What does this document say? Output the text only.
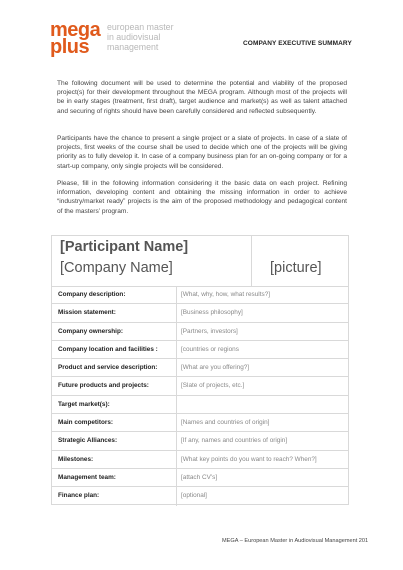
mega
plus
european master
in audiovisual
management	COMPANY EXECUTIVE SUMMARY

The following document will be used to determine the potential and viability of the proposed project(s) for their development throughout the MEGA program. Although most of the projects will be in early stages (treatment, first draft), target audience and market(s) as well as talent attached and securing of rights should have been carefully considered and reflected subsequently.

Participants have the chance to present a single project or a slate of projects. In case of a slate of projects, first weeks of the course shall be used to decide which one of the projects will be giving priority as to fully develop it. In case of a company business plan for an on-going company or for a start-up company, only single projects will be considered.

Please, fill in the following information considering it the basic data on each project. Refining information, developing content and obtaining the missing information in order to achieve “industry/market ready” projects is the aim of the proposed methodology and pedagogical content of the masters’ program.

[Participant Name]
[Company Name]	[picture]
Company description:	[What, why, how, what results?]
Mission statement:	[Business philosophy]
Company ownership:	[Partners, investors]
Company location and facilities :	[countries or regions
Product and service description:	[What are you offering?]
Future products and projects:	[Slate of projects, etc.]
Target market(s):
Main competitors:	[Names and countries of origin]
Strategic Alliances:	[If any, names and countries of origin]
Milestones:	[What key points do you want to reach? When?]
Management team:	[attach CV’s]
Finance plan:	[optional]
MEGA – European Master in Audiovisual Management 201
